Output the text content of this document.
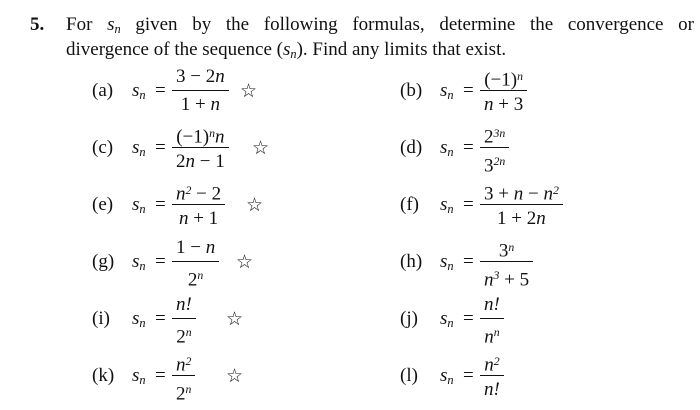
5. For $s_n$ given by the following formulas, determine the convergence or
divergence of the sequence $(s_n)$. Find any limits that exist.
(a) $s_n$ =
3 − 2n
1 + n
☆	(b) $s_n$ =
$(-1)^n$
n + 3
(c) $s_n$ =
$(-1)^nn$
2n − 1
☆	(d) $s_n$ =
$2^{3n}$
$3^{2n}$
(e) $s_n$ =
$n^2 - 2$
n + 1
☆	(f) $s_n$ =
$3 + n - n^2$
1 + 2n
(g) $s_n$ =
1 − n
2$^n$
☆	(h) $s_n$ =
$3^n$
$n^3 + 5$
(i) $s_n$ =
n!
2$^n$
☆	(j) $s_n$ =
n!
$n^n$
(k) $s_n$ =
$n^2$
2$^n$
☆	(l) $s_n$ =
$n^2$
n!
